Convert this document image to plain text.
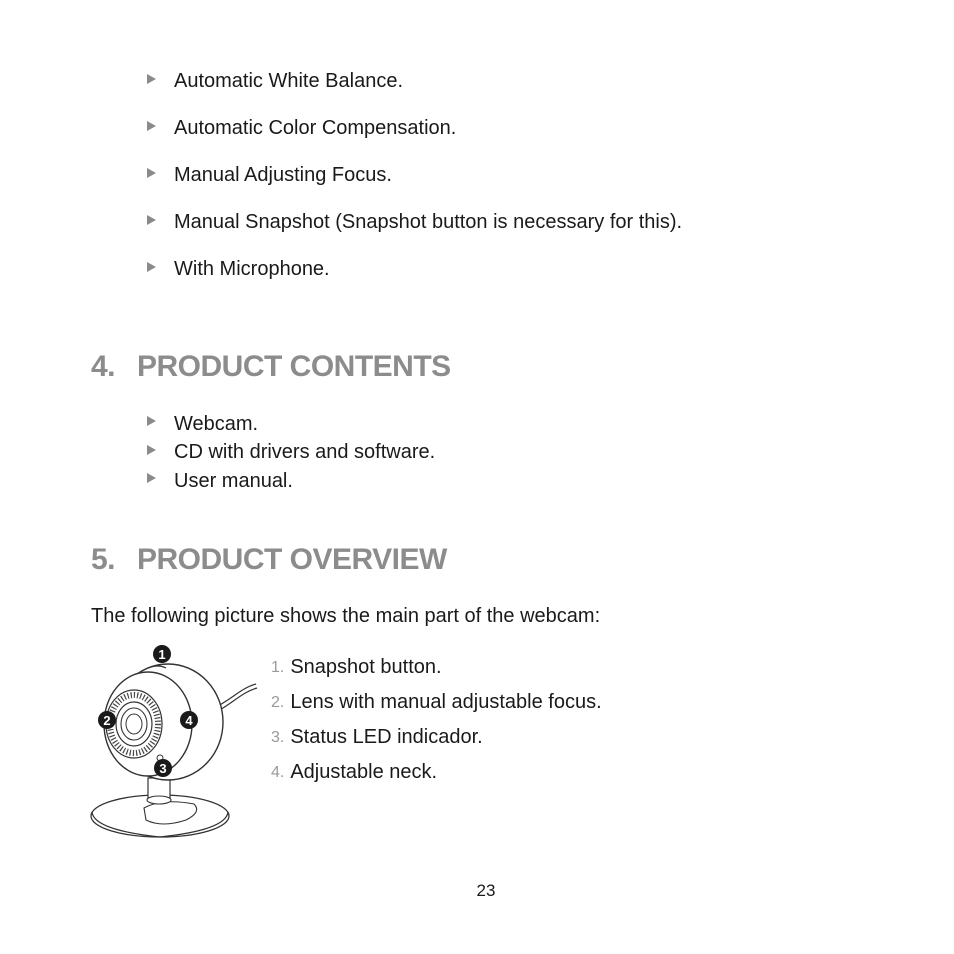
Automatic White Balance.
Automatic Color Compensation.
Manual Adjusting Focus.
Manual Snapshot (Snapshot button is necessary for this).
With Microphone.
4. PRODUCT CONTENTS
Webcam.
CD with drivers and software.
User manual.
5. PRODUCT OVERVIEW

The following picture shows the main part of the webcam:

1
2
3
4
1. Snapshot button.
2. Lens with manual adjustable focus.
3. Status LED indicador.
4. Adjustable neck.
23
